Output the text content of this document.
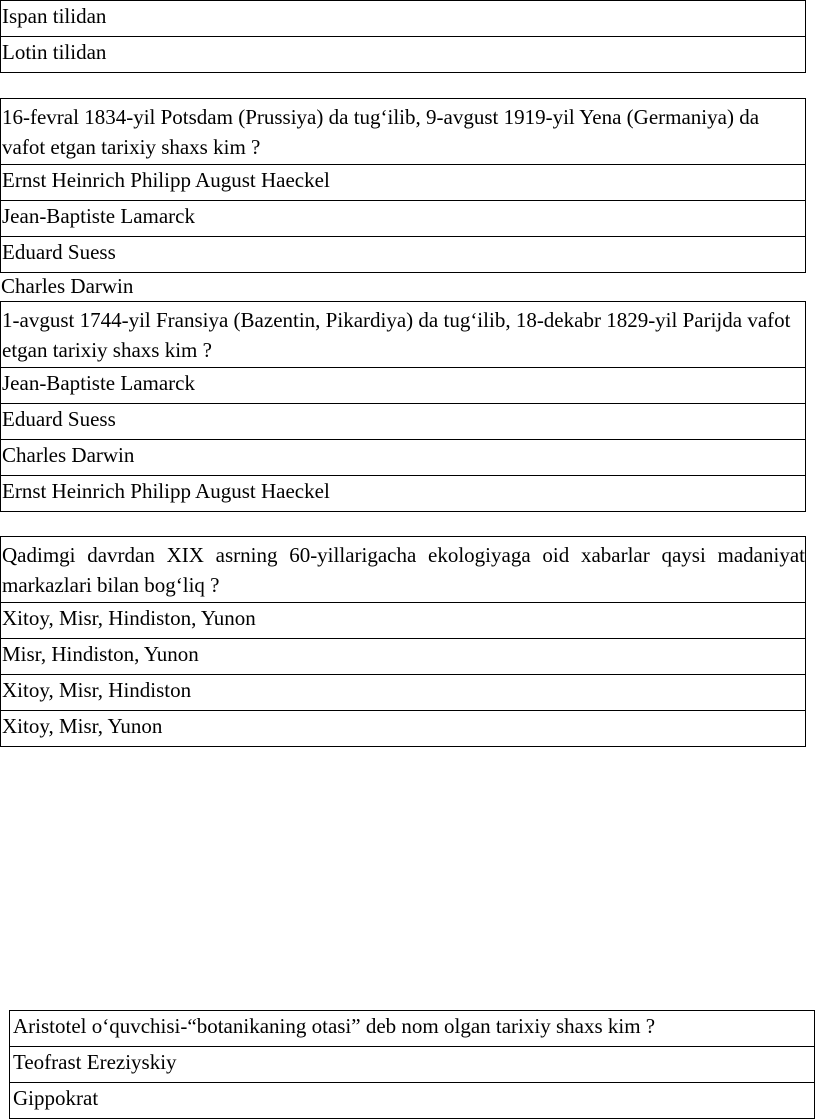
Ispan tilidan
Lotin tilidan
16-fevral 1834-yil Potsdam (Prussiya) da tug‘ilib, 9-avgust 1919-yil Yena (Germaniya) da vafot etgan tarixiy shaxs kim ?
Ernst Heinrich Philipp August Haeckel
Jean-Baptiste Lamarck
Eduard Suess
Charles Darwin
1-avgust 1744-yil Fransiya (Bazentin, Pikardiya) da tug‘ilib, 18-dekabr 1829-yil Parijda vafot etgan tarixiy shaxs kim ?
Jean-Baptiste Lamarck
Eduard Suess
Charles Darwin
Ernst Heinrich Philipp August Haeckel
Qadimgi davrdan XIX asrning 60-yillarigacha ekologiyaga oid xabarlar qaysi madaniyat markazlari bilan bog‘liq ?
Xitoy, Misr, Hindiston, Yunon
Misr, Hindiston, Yunon
Xitoy, Misr, Hindiston
Xitoy, Misr, Yunon
Aristotel o‘quvchisi-“botanikaning otasi” deb nom olgan tarixiy shaxs kim ?
Teofrast Ereziyskiy
Gippokrat
